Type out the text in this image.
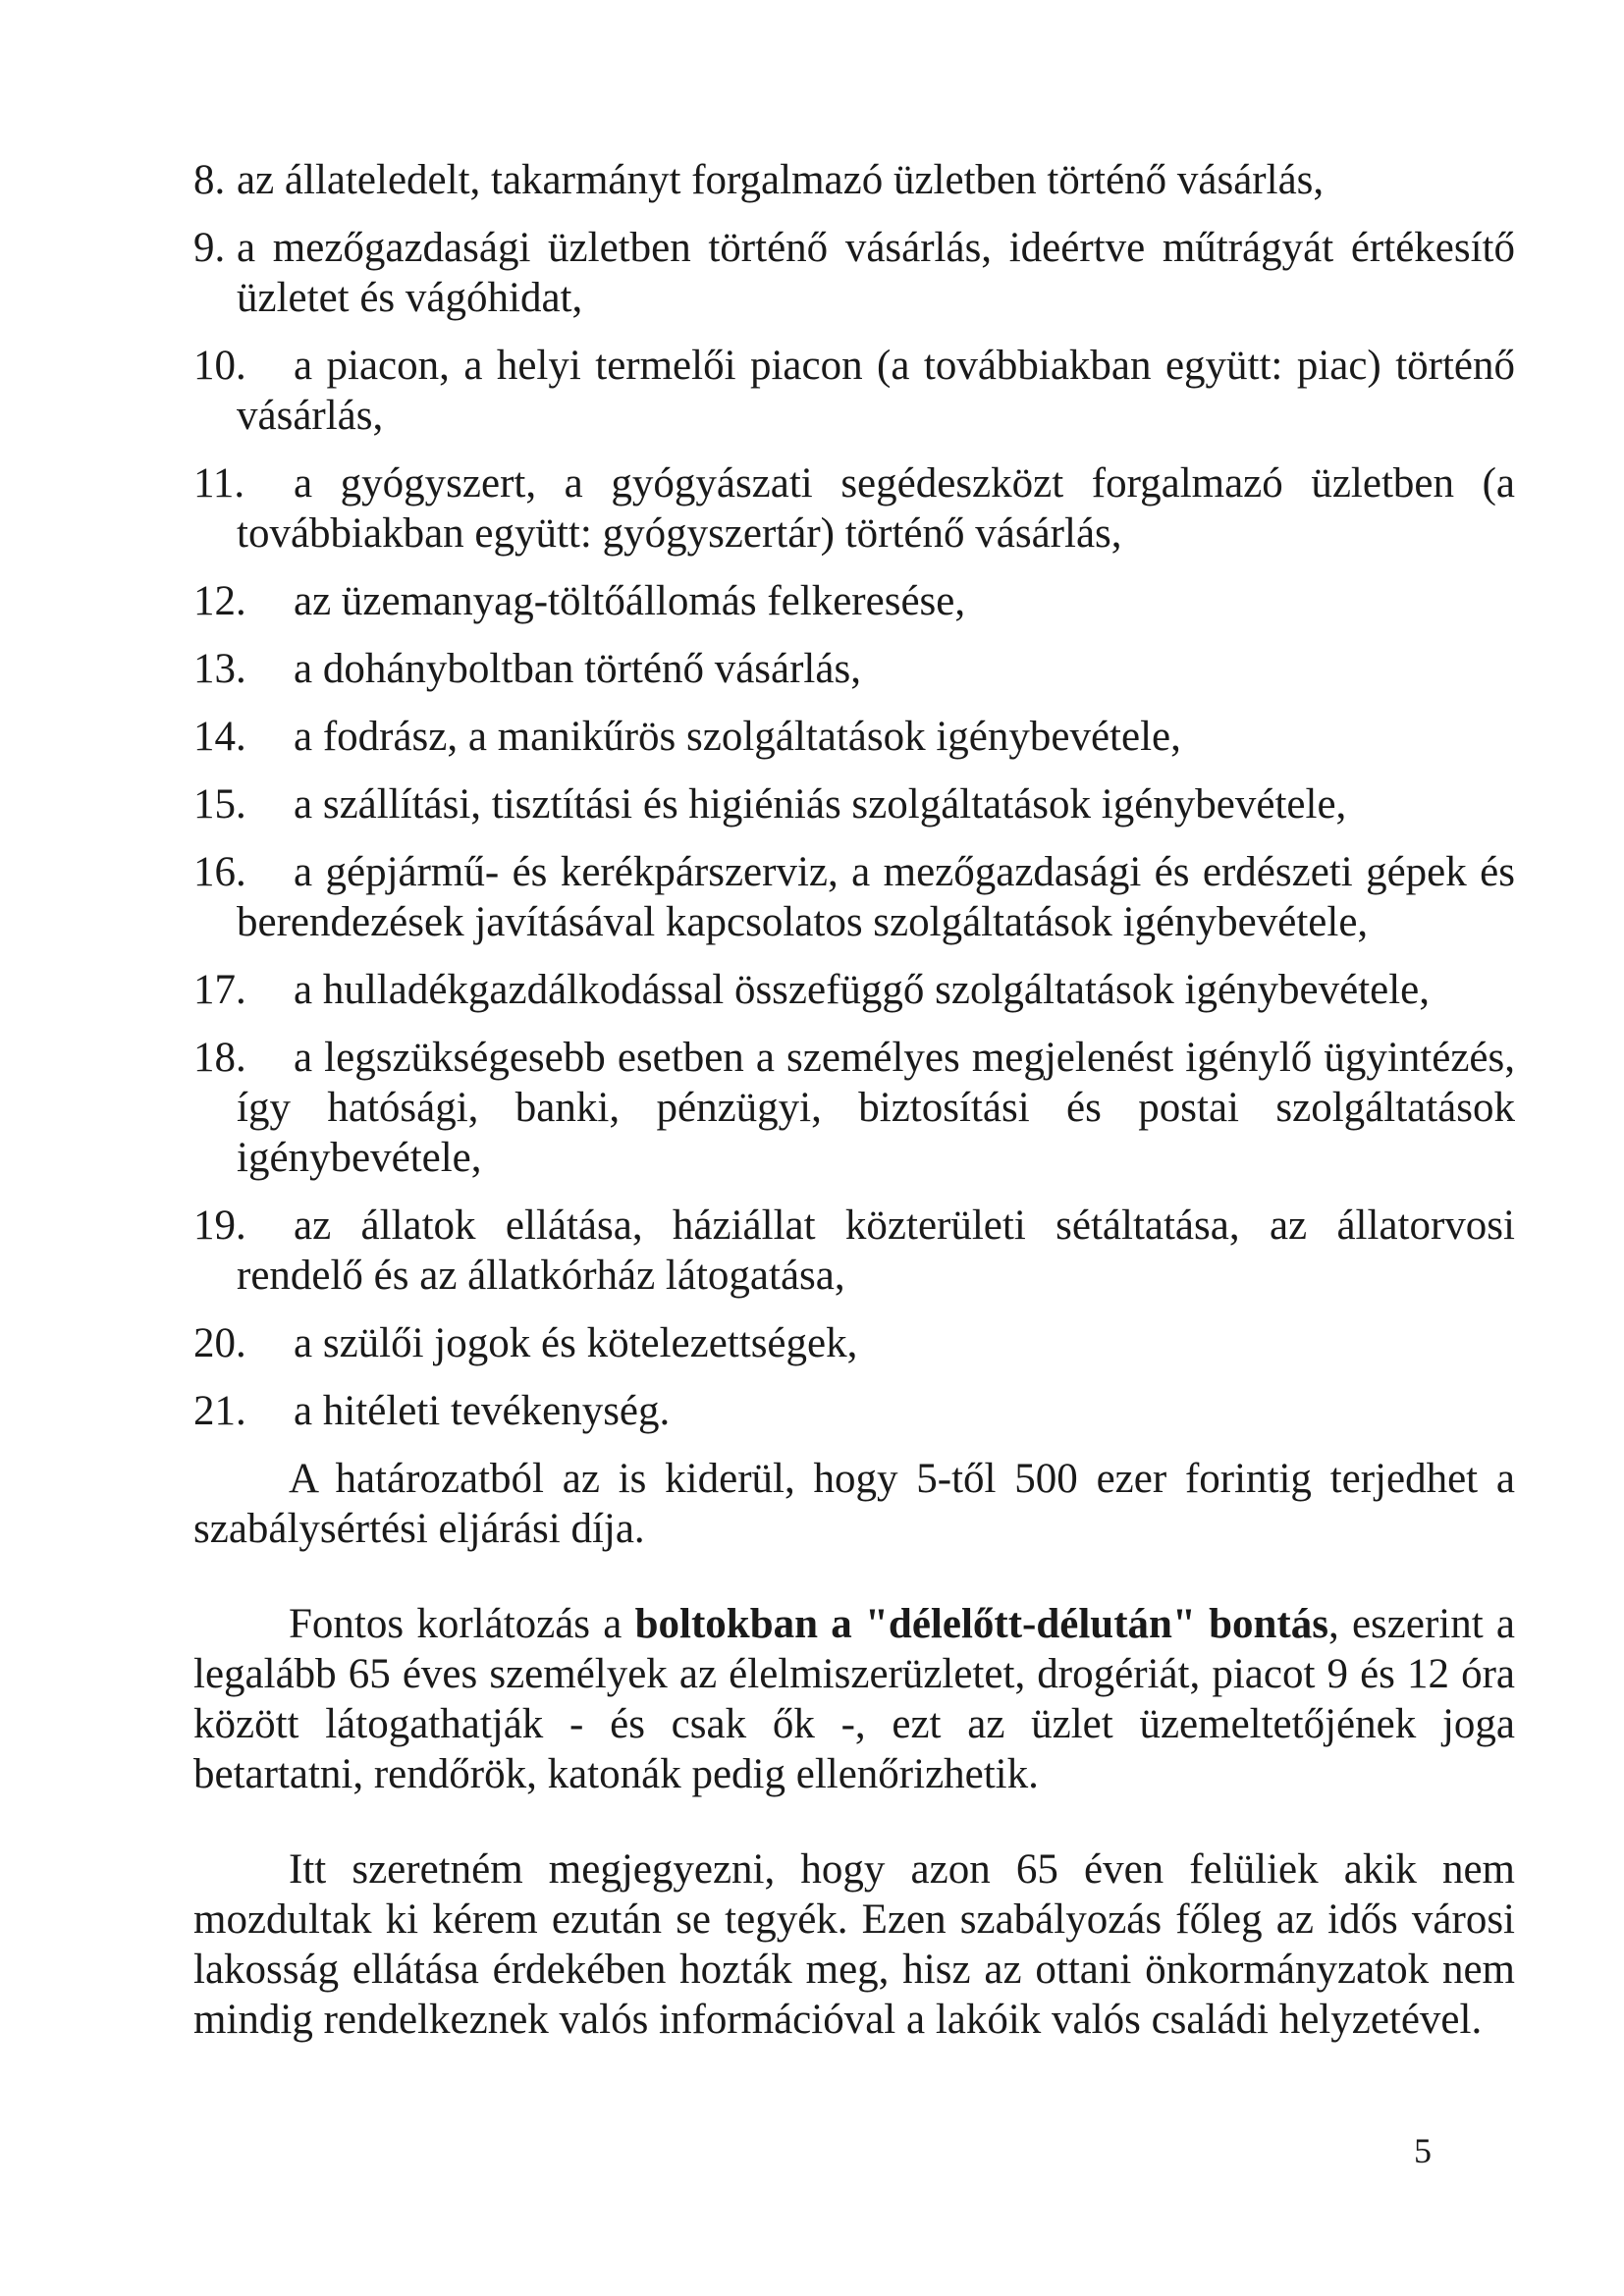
8. az állateledelt, takarmányt forgalmazó üzletben történő vásárlás,
9. a mezőgazdasági üzletben történő vásárlás, ideértve műtrágyát értékesítő üzletet és vágóhidat,
10. a piacon, a helyi termelői piacon (a továbbiakban együtt: piac) történő vásárlás,
11. a gyógyszert, a gyógyászati segédeszközt forgalmazó üzletben (a továbbiakban együtt: gyógyszertár) történő vásárlás,
12. az üzemanyag-töltőállomás felkeresése,
13. a dohányboltban történő vásárlás,
14. a fodrász, a manikűrös szolgáltatások igénybevétele,
15. a szállítási, tisztítási és higiéniás szolgáltatások igénybevétele,
16. a gépjármű- és kerékpárszerviz, a mezőgazdasági és erdészeti gépek és berendezések javításával kapcsolatos szolgáltatások igénybevétele,
17. a hulladékgazdálkodással összefüggő szolgáltatások igénybevétele,
18. a legszükségesebb esetben a személyes megjelenést igénylő ügyintézés, így hatósági, banki, pénzügyi, biztosítási és postai szolgáltatások igénybevétele,
19. az állatok ellátása, háziállat közterületi sétáltatása, az állatorvosi rendelő és az állatkórház látogatása,
20. a szülői jogok és kötelezettségek,
21. a hitéleti tevékenység.

A határozatból az is kiderül, hogy 5-től 500 ezer forintig terjedhet a szabálysértési eljárási díja.

Fontos korlátozás a boltokban a "délelőtt-délután" bontás, eszerint a legalább 65 éves személyek az élelmiszerüzletet, drogériát, piacot 9 és 12 óra között látogathatják - és csak ők -, ezt az üzlet üzemeltetőjének joga betartatni, rendőrök, katonák pedig ellenőrizhetik.

Itt szeretném megjegyezni, hogy azon 65 éven felüliek akik nem mozdultak ki kérem ezután se tegyék. Ezen szabályozás főleg az idős városi lakosság ellátása érdekében hozták meg, hisz az ottani önkormányzatok nem mindig rendelkeznek valós információval a lakóik valós családi helyzetével.

5
